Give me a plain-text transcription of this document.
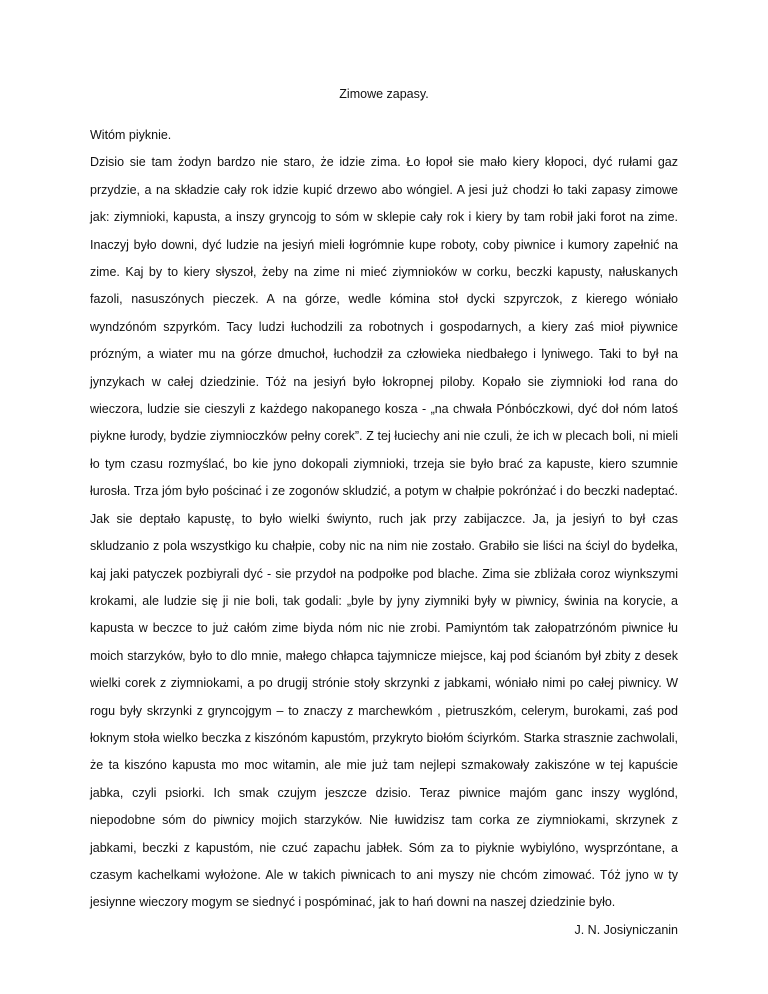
Zimowe zapasy.

Witóm piyknie.

Dzisio sie tam żodyn bardzo nie staro, że idzie zima. Ło łopoł sie mało kiery kłopoci, dyć rułami gaz przydzie, a na składzie cały rok idzie kupić drzewo abo wóngiel. A jesi już chodzi ło taki zapasy zimowe jak: ziymnioki, kapusta, a inszy gryncojg to sóm w sklepie cały rok i kiery by tam robił jaki forot na zime. Inaczyj było downi, dyć ludzie na jesiyń mieli łogrómnie kupe roboty, coby piwnice i kumory zapełnić na zime. Kaj by to kiery słyszoł, żeby na zime ni mieć ziymnioków w corku, beczki kapusty, nałuskanych fazoli, nasuszónych pieczek. A na górze, wedle kómina stoł dycki szpyrczok, z kierego wóniało wyndzónóm szpyrkóm. Tacy ludzi łuchodzili za robotnych i gospodarnych, a kiery zaś mioł piywnice prózným, a wiater mu na górze dmuchoł, łuchodził za człowieka niedbałego i lyniwego. Taki to był na jynzykach w całej dziedzinie. Tóż na jesiyń było łokropnej piloby. Kopało sie ziymnioki łod rana do wieczora, ludzie sie cieszyli z każdego nakopanego kosza - „na chwała Pónbóczkowi, dyć doł nóm latoś piykne łurody, bydzie ziymnioczków pełny corek”. Z tej łuciechy ani nie czuli, że ich w plecach boli, ni mieli ło tym czasu rozmyślać, bo kie jyno dokopali ziymnioki, trzeja sie było brać za kapuste, kiero szumnie łurosła. Trza jóm było pościnać i ze zogonów skludzić, a potym w chałpie pokrónżać i do beczki nadeptać. Jak sie deptało kapustę, to było wielki świynto, ruch jak przy zabijaczce. Ja, ja jesiyń to był czas skludzanio z pola wszystkigo ku chałpie, coby nic na nim nie zostało. Grabiło sie liści na ściyl do bydełka, kaj jaki patyczek pozbiyrali dyć - sie przydoł na podpołke pod blache. Zima sie zbliżała coroz wiynkszymi krokami, ale ludzie się ji nie boli, tak godali: „byle by jyny ziymniki były w piwnicy, świnia na korycie, a kapusta w beczce to już całóm zime biyda nóm nic nie zrobi. Pamiyntóm tak załopatrzónóm piwnice łu moich starzyków, było to dlo mnie, małego chłapca tajymnicze miejsce, kaj pod ścianóm był zbity z desek wielki corek z ziymniokami, a po drugij strónie stoły skrzynki z jabkami, wóniało nimi po całej piwnicy. W rogu były skrzynki z gryncojgym – to znaczy z marchewkóm , pietruszkóm, celerym, burokami, zaś pod łoknym stoła wielko beczka z kiszónóm kapustóm, przykryto biołóm ściyrkóm. Starka strasznie zachwolali, że ta kiszóno kapusta mo moc witamin, ale mie już tam nejlepi szmakowały zakiszóne w tej kapuście jabka, czyli psiorki. Ich smak czujym jeszcze dzisio. Teraz piwnice majóm ganc inszy wyglónd, niepodobne sóm do piwnicy mojich starzyków. Nie łuwidzisz tam corka ze ziymniokami, skrzynek z jabkami, beczki z kapustóm, nie czuć zapachu jabłek. Sóm za to piyknie wybiylóno, wysprzóntane, a czasym kachelkami wyłożone. Ale w takich piwnicach to ani myszy nie chcóm zimować. Tóż jyno w ty jesiynne wieczory mogym se siednyć i pospóminać, jak to hań downi na naszej dziedzinie było.

J. N. Josiyniczanin
